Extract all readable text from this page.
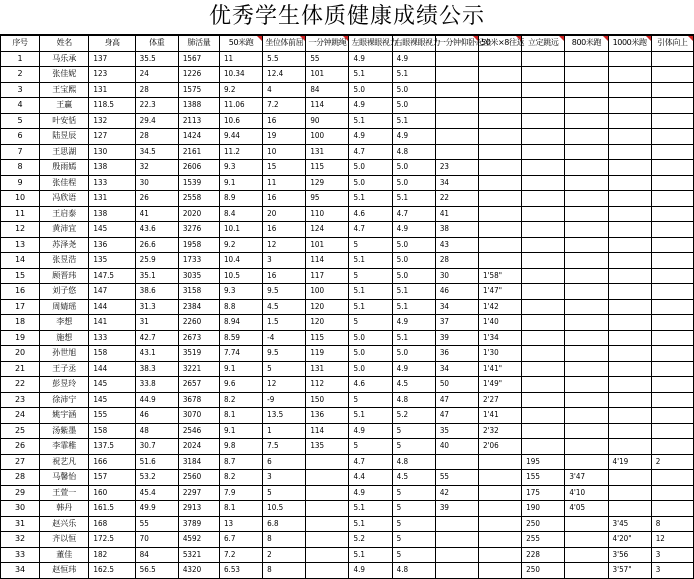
优秀学生体质健康成绩公示
序号	姓名	身高	体重	肺活量	50米跑	坐位体前屈	一分钟跳绳	左眼裸眼视力	右眼裸眼视力	一分钟仰卧起坐	50米×8往返	立定跳远	800米跑	1000米跑	引体向上
1	马乐承	137	35.5	1567	11	5.5	55	4.9	4.9						
2	张佳妮	123	24	1226	10.34	12.4	101	5.1	5.1						
3	王宝熙	131	28	1575	9.2	4	84	5.0	5.0						
4	王赢	118.5	22.3	1388	11.06	7.2	114	4.9	5.0						
5	叶安恬	132	29.4	2113	10.6	16	90	5.1	5.1						
6	陆昱辰	127	28	1424	9.44	19	100	4.9	4.9						
7	王思湖	130	34.5	2161	11.2	10	131	4.7	4.8						
8	殷雨嫣	138	32	2606	9.3	15	115	5.0	5.0	23					
9	张佳程	133	30	1539	9.1	11	129	5.0	5.0	34					
10	冯欣语	131	26	2558	8.9	16	95	5.1	5.1	22					
11	王启泰	138	41	2020	8.4	20	110	4.6	4.7	41					
12	黄沛宜	145	43.6	3276	10.1	16	124	4.7	4.9	38					
13	苏泽尧	136	26.6	1958	9.2	12	101	5	5.0	43					
14	张昱浩	135	25.9	1733	10.4	3	114	5.1	5.0	28					
15	顾晋玮	147.5	35.1	3035	10.5	16	117	5	5.0	30	1'58"				
16	刘子悠	147	38.6	3158	9.3	9.5	100	5.1	5.1	46	1'47"				
17	周婧瑶	144	31.3	2384	8.8	4.5	120	5.1	5.1	34	1'42				
18	李想	141	31	2260	8.94	1.5	120	5	4.9	37	1'40				
19	施想	133	42.7	2673	8.59	-4	115	5.0	5.1	39	1'34				
20	孙世旭	158	43.1	3519	7.74	9.5	119	5.0	5.0	36	1'30				
21	王子丞	144	38.3	3221	9.1	5	131	5.0	4.9	34	1'41"				
22	彭昱玲	145	33.8	2657	9.6	12	112	4.6	4.5	50	1'49"				
23	徐沛宁	145	44.9	3678	8.2	-9	150	5	4.8	47	2'27				
24	姚宇涵	155	46	3070	8.1	13.5	136	5.1	5.2	47	1'41				
25	汤紫墨	158	48	2546	9.1	1	114	4.9	5	35	2'32				
26	李霏稚	137.5	30.7	2024	9.8	7.5	135	5	5	40	2'06				
27	祝艺凡	166	51.6	3184	8.7	6		4.7	4.8			195		4'19	2
28	马馨怡	157	53.2	2560	8.2	3		4.4	4.5	55		155	3'47		
29	王萱一	160	45.4	2297	7.9	5		4.9	5	42		175	4'10		
30	韩丹	161.5	49.9	2913	8.1	10.5		5.1	5	39		190	4'05		
31	赵兴乐	168	55	3789	13	6.8		5.1	5			250		3'45	8
32	齐以恒	172.5	70	4592	6.7	8		5.2	5			255		4'20"	12
33	董佳	182	84	5321	7.2	2		5.1	5			228		3'56	3
34	赵恒玮	162.5	56.5	4320	6.53	8		4.9	4.8			250		3'57"	3
